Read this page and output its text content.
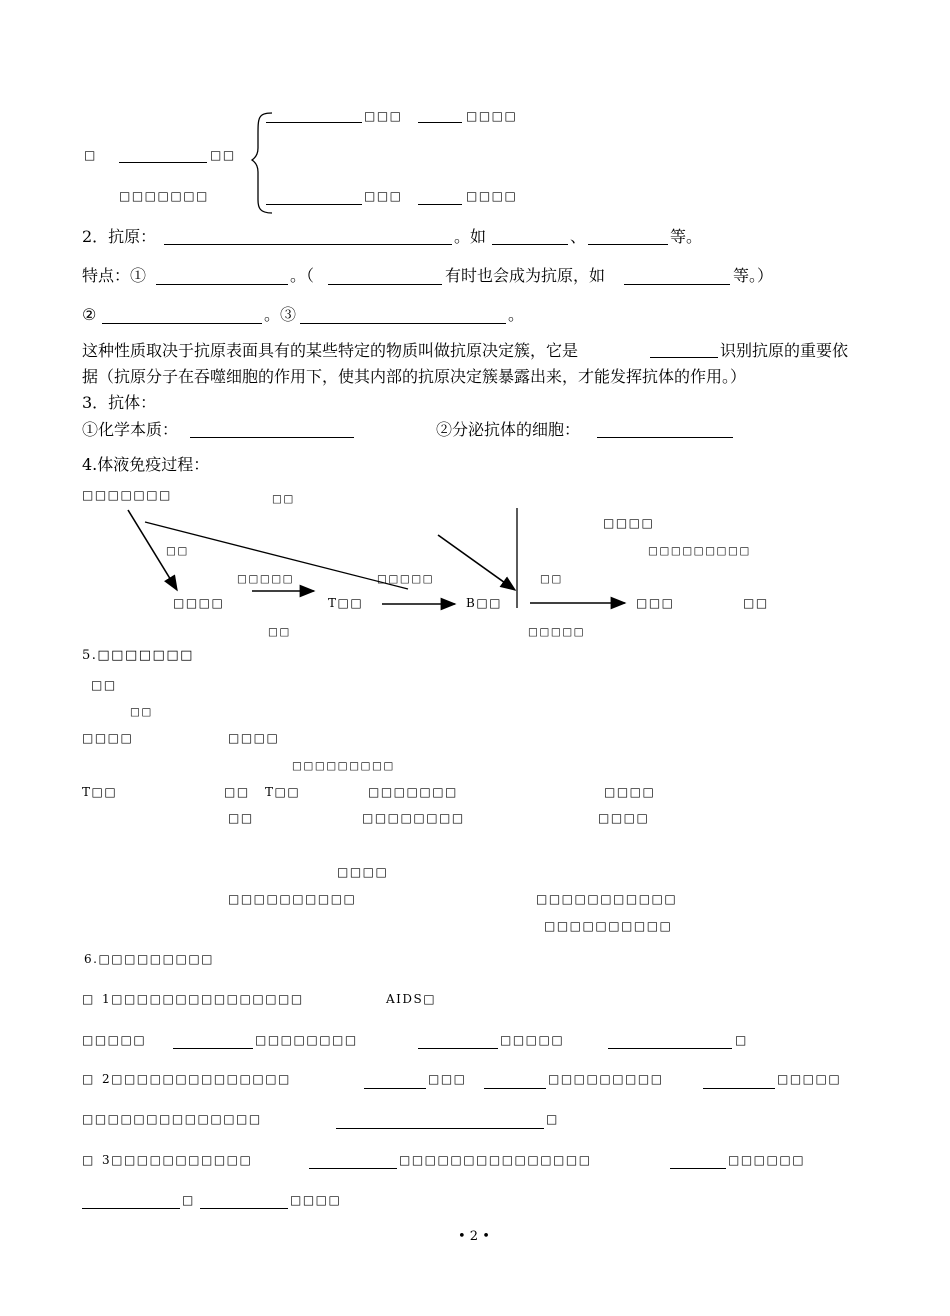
□□□	□□□□
□	□□
□□□□□□□	□□□	□□□□
2．抗原：	。如	、	等。
特点：①	。（	有时也会成为抗原，如	等。）
②	。③	。
这种性质取决于抗原表面具有的某些特定的物质叫做抗原决定簇，它是	识别抗原的重要依
据（抗原分子在吞噬细胞的作用下，使其内部的抗原决定簇暴露出来，才能发挥抗体的作用。）
3．抗体：
①化学本质：	②分泌抗体的细胞：
4.体液免疫过程：
□□□□□□□	□□
□□□□
□□□□□□□□□
□□
□□□□□	□□□□□	□□
□□□□	T□□	B□□	□□□	□□
□□	□□□□□
5.□□□□□□□
□□
□□
□□□□	□□□□
□□□□□□□□□
T□□	□□ T□□	□□□□□□□	□□□□
□□	□□□□□□□□	□□□□
□□□□
□□□□□□□□□□	□□□□□□□□□□□
□□□□□□□□□□
6.□□□□□□□□□
□ 1□□□□□□□□□□□□□□□	AIDS□
□□□□□	□□□□□□□□	□□□□□	□
□ 2□□□□□□□□□□□□□□	□□□	□□□□□□□□□	□□□□□
□□□□□□□□□□□□□□	□
□ 3□□□□□□□□□□□	□□□□□□□□□□□□□□□	□□□□□□
□	□□□□
• 2 •
